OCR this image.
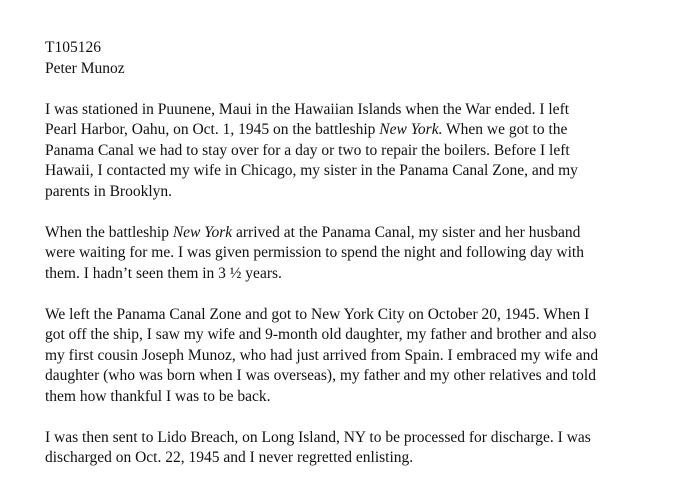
T105126
Peter Munoz

I was stationed in Puunene, Maui in the Hawaiian Islands when the War ended. I left
Pearl Harbor, Oahu, on Oct. 1, 1945 on the battleship New York. When we got to the
Panama Canal we had to stay over for a day or two to repair the boilers. Before I left
Hawaii, I contacted my wife in Chicago, my sister in the Panama Canal Zone, and my
parents in Brooklyn.

When the battleship New York arrived at the Panama Canal, my sister and her husband
were waiting for me. I was given permission to spend the night and following day with
them. I hadn’t seen them in 3 ½ years.

We left the Panama Canal Zone and got to New York City on October 20, 1945. When I
got off the ship, I saw my wife and 9-month old daughter, my father and brother and also
my first cousin Joseph Munoz, who had just arrived from Spain. I embraced my wife and
daughter (who was born when I was overseas), my father and my other relatives and told
them how thankful I was to be back.

I was then sent to Lido Breach, on Long Island, NY to be processed for discharge. I was
discharged on Oct. 22, 1945 and I never regretted enlisting.
